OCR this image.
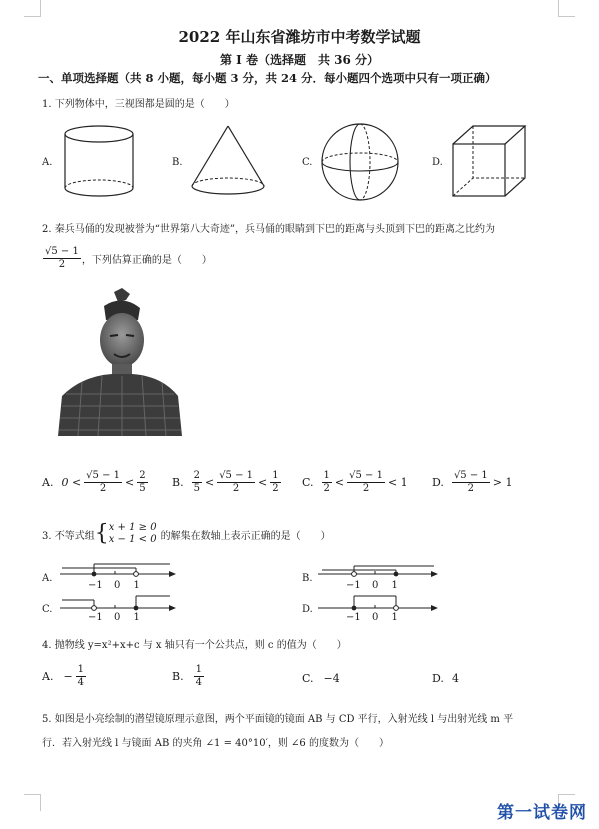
2022 年山东省潍坊市中考数学试题
第 I 卷（选择题　共 36 分）
一、单项选择题（共 8 小题，每小题 3 分，共 24 分．每小题四个选项中只有一项正确）
1. 下列物体中，三视图都是圆的是（　　）
A.	B.	C.	D.
2. 秦兵马俑的发现被誉为“世界第八大奇迹”，兵马俑的眼睛到下巴的距离与头顶到下巴的距离之比约为
$\frac{√5 - 1}{2}$ ，下列估算正确的是（　　）
A. $0 < \frac{√5 - 1}{2} < \frac{2}{5} B$. $\frac{2}{5} < \frac{√5 - 1}{2} < \frac{1}{2} C$. $\frac{1}{2} < \frac{√5 - 1}{2} < 1$ D. $\frac{√5 - 1}{2} > 1$
3. 不等式组 { x + 1 ≥ 0
x − 1 < 0 的解集在数轴上表示正确的是（　　）
A.
−1 0 1
B.
−1 0 1
C.
−1 0 1
D.
−1 0 1
4. 抛物线 y=x²+x+c 与 x 轴只有一个公共点，则 c 的值为（　　）
A. − $\frac{1}{4}$	B. $\frac{1}{4}$	C. −4	D. 4
5. 如图是小亮绘制的潜望镜原理示意图，两个平面镜的镜面 AB 与 CD 平行，入射光线 l 与出射光线 m 平
行．若入射光线 l 与镜面 AB 的夹角 ∠1 = 40°10′，则 ∠6 的度数为（　　）
第一试卷网
